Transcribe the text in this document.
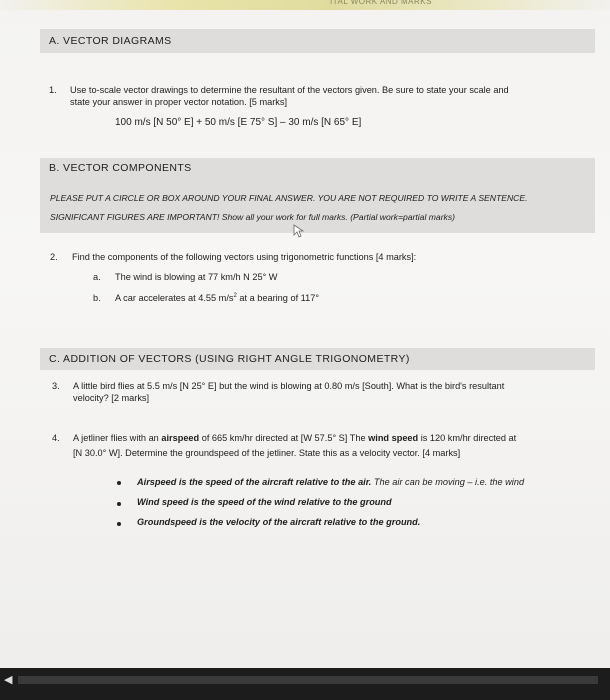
ITAL WORK AND MARKS
A. VECTOR DIAGRAMS
1. Use to-scale vector drawings to determine the resultant of the vectors given. Be sure to state your scale and
state your answer in proper vector notation. [5 marks]
100 m/s [N 50° E] + 50 m/s [E 75° S] – 30 m/s [N 65° E]
B. VECTOR COMPONENTS
PLEASE PUT A CIRCLE OR BOX AROUND YOUR FINAL ANSWER. YOU ARE NOT REQUIRED TO WRITE A SENTENCE.
SIGNIFICANT FIGURES ARE IMPORTANT! Show all your work for full marks. (Partial work=partial marks)
2. Find the components of the following vectors using trigonometric functions [4 marks]:
a. The wind is blowing at 77 km/h N 25° W
b. A car accelerates at 4.55 $m/s^2$ at a bearing of 117°
C. ADDITION OF VECTORS (USING RIGHT ANGLE TRIGONOMETRY)
3. A little bird flies at 5.5 m/s [N 25° E] but the wind is blowing at 0.80 m/s [South]. What is the bird's resultant
velocity? [2 marks]
4. A jetliner flies with an airspeed of 665 km/hr directed at [W 57.5° S] The wind speed is 120 km/hr directed at
[N 30.0° W]. Determine the groundspeed of the jetliner. State this as a velocity vector. [4 marks]
Airspeed is the speed of the aircraft relative to the air. The air can be moving – i.e. the wind
Wind speed is the speed of the wind relative to the ground
Groundspeed is the velocity of the aircraft relative to the ground.
◀
